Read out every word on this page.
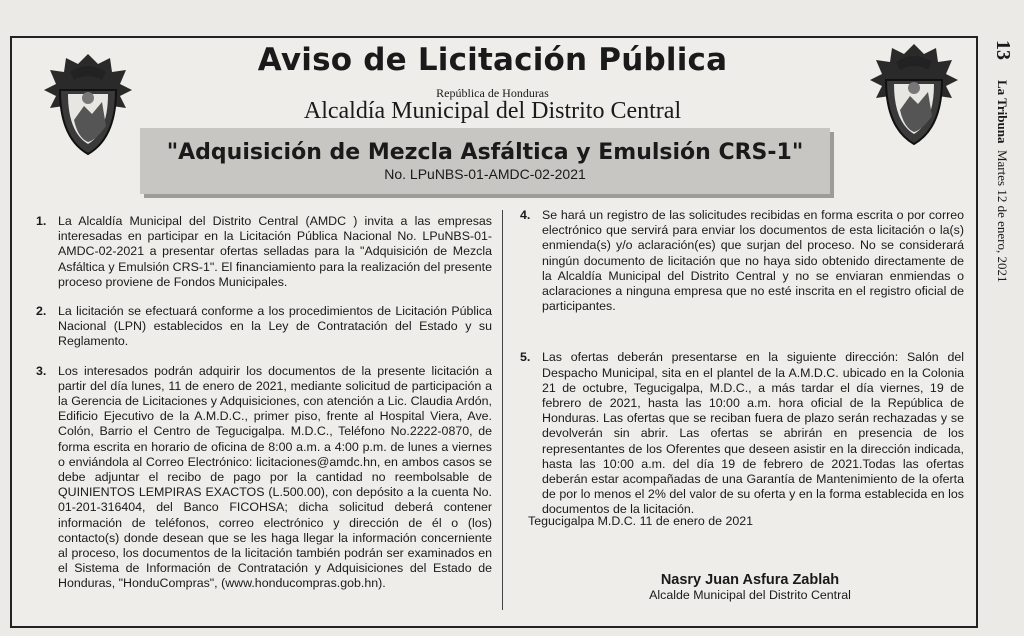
13
La Tribuna  Martes 12 de enero, 2021
Aviso de Licitación Pública
República de Honduras
Alcaldía Municipal del Distrito Central
"Adquisición de Mezcla Asfáltica y Emulsión CRS-1"
No. LPuNBS-01-AMDC-02-2021
1. La Alcaldía Municipal del Distrito Central (AMDC ) invita a las empresas interesadas en participar en la Licitación Pública Nacional No. LPuNBS-01-AMDC-02-2021 a presentar ofertas selladas para la "Adquisición de Mezcla Asfáltica y Emulsión CRS-1". El financiamiento para la realización del presente proceso proviene de Fondos Municipales.
2. La licitación se efectuará conforme a los procedimientos de Licitación Pública Nacional (LPN) establecidos en la Ley de Contratación del Estado y su Reglamento.
3. Los interesados podrán adquirir los documentos de la presente licitación a partir del día lunes, 11 de enero de 2021, mediante solicitud de participación a la Gerencia de Licitaciones y Adquisiciones, con atención a Lic. Claudia Ardón, Edificio Ejecutivo de la A.M.D.C., primer piso, frente al Hospital Viera, Ave. Colón, Barrio el Centro de Tegucigalpa. M.D.C., Teléfono No.2222-0870, de forma escrita en horario de oficina de 8:00 a.m. a 4:00 p.m. de lunes a viernes o enviándola al Correo Electrónico: licitaciones@amdc.hn, en ambos casos se debe adjuntar el recibo de pago por la cantidad no reembolsable de QUINIENTOS LEMPIRAS EXACTOS (L.500.00), con depósito a la cuenta No. 01-201-316404, del Banco FICOHSA; dicha solicitud deberá contener información de teléfonos, correo electrónico y dirección de él o (los) contacto(s) donde desean que se les haga llegar la información concerniente al proceso, los documentos de la licitación también podrán ser examinados en el Sistema de Información de Contratación y Adquisiciones del Estado de Honduras, "HonduCompras", (www.honducompras.gob.hn).
4. Se hará un registro de las solicitudes recibidas en forma escrita o por correo electrónico que servirá para enviar los documentos de esta licitación o la(s) enmienda(s) y/o aclaración(es) que surjan del proceso. No se considerará ningún documento de licitación que no haya sido obtenido directamente de la Alcaldía Municipal del Distrito Central y no se enviaran enmiendas o aclaraciones a ninguna empresa que no esté inscrita en el registro oficial de participantes.
5. Las ofertas deberán presentarse en la siguiente dirección: Salón del Despacho Municipal, sita en el plantel de la A.M.D.C. ubicado en la Colonia 21 de octubre, Tegucigalpa, M.D.C., a más tardar el día viernes, 19 de febrero de 2021, hasta las 10:00 a.m. hora oficial de la República de Honduras. Las ofertas que se reciban fuera de plazo serán rechazadas y se devolverán sin abrir. Las ofertas se abrirán en presencia de los representantes de los Oferentes que deseen asistir en la dirección indicada, hasta las 10:00 a.m. del día 19 de febrero de 2021.Todas las ofertas deberán estar acompañadas de una Garantía de Mantenimiento de la oferta de por lo menos el 2% del valor de su oferta y en la forma establecida en los documentos de la licitación.
Tegucigalpa M.D.C. 11 de enero de 2021
Nasry Juan Asfura Zablah
Alcalde Municipal del Distrito Central
